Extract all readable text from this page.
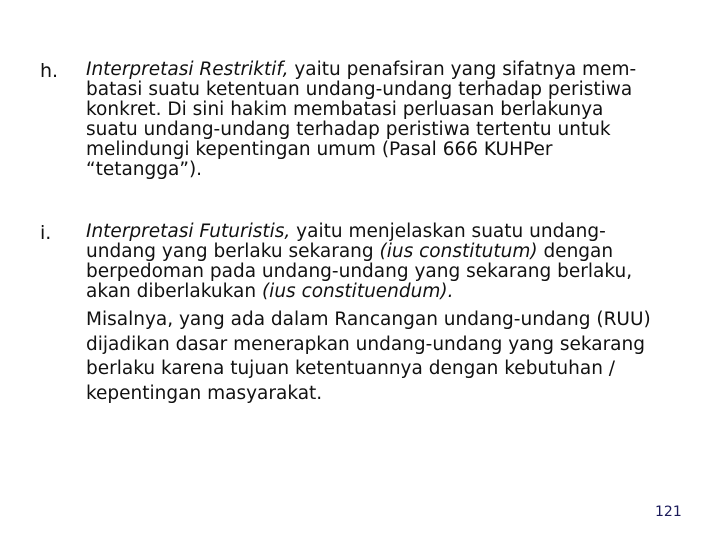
h. Interpretasi Restriktif, yaitu penafsiran yang sifatnya mem-
batasi suatu ketentuan undang-undang terhadap peristiwa
konkret. Di sini hakim membatasi perluasan berlakunya
suatu undang-undang terhadap peristiwa tertentu untuk
melindungi kepentingan umum (Pasal 666 KUHPer
“tetangga”).
i. Interpretasi Futuristis, yaitu menjelaskan suatu undang-
undang yang berlaku sekarang (ius constitutum) dengan
berpedoman pada undang-undang yang sekarang berlaku,
akan diberlakukan (ius constituendum).
Misalnya, yang ada dalam Rancangan undang-undang (RUU)
dijadikan dasar menerapkan undang-undang yang sekarang
berlaku karena tujuan ketentuannya dengan kebutuhan /
kepentingan masyarakat.
121
